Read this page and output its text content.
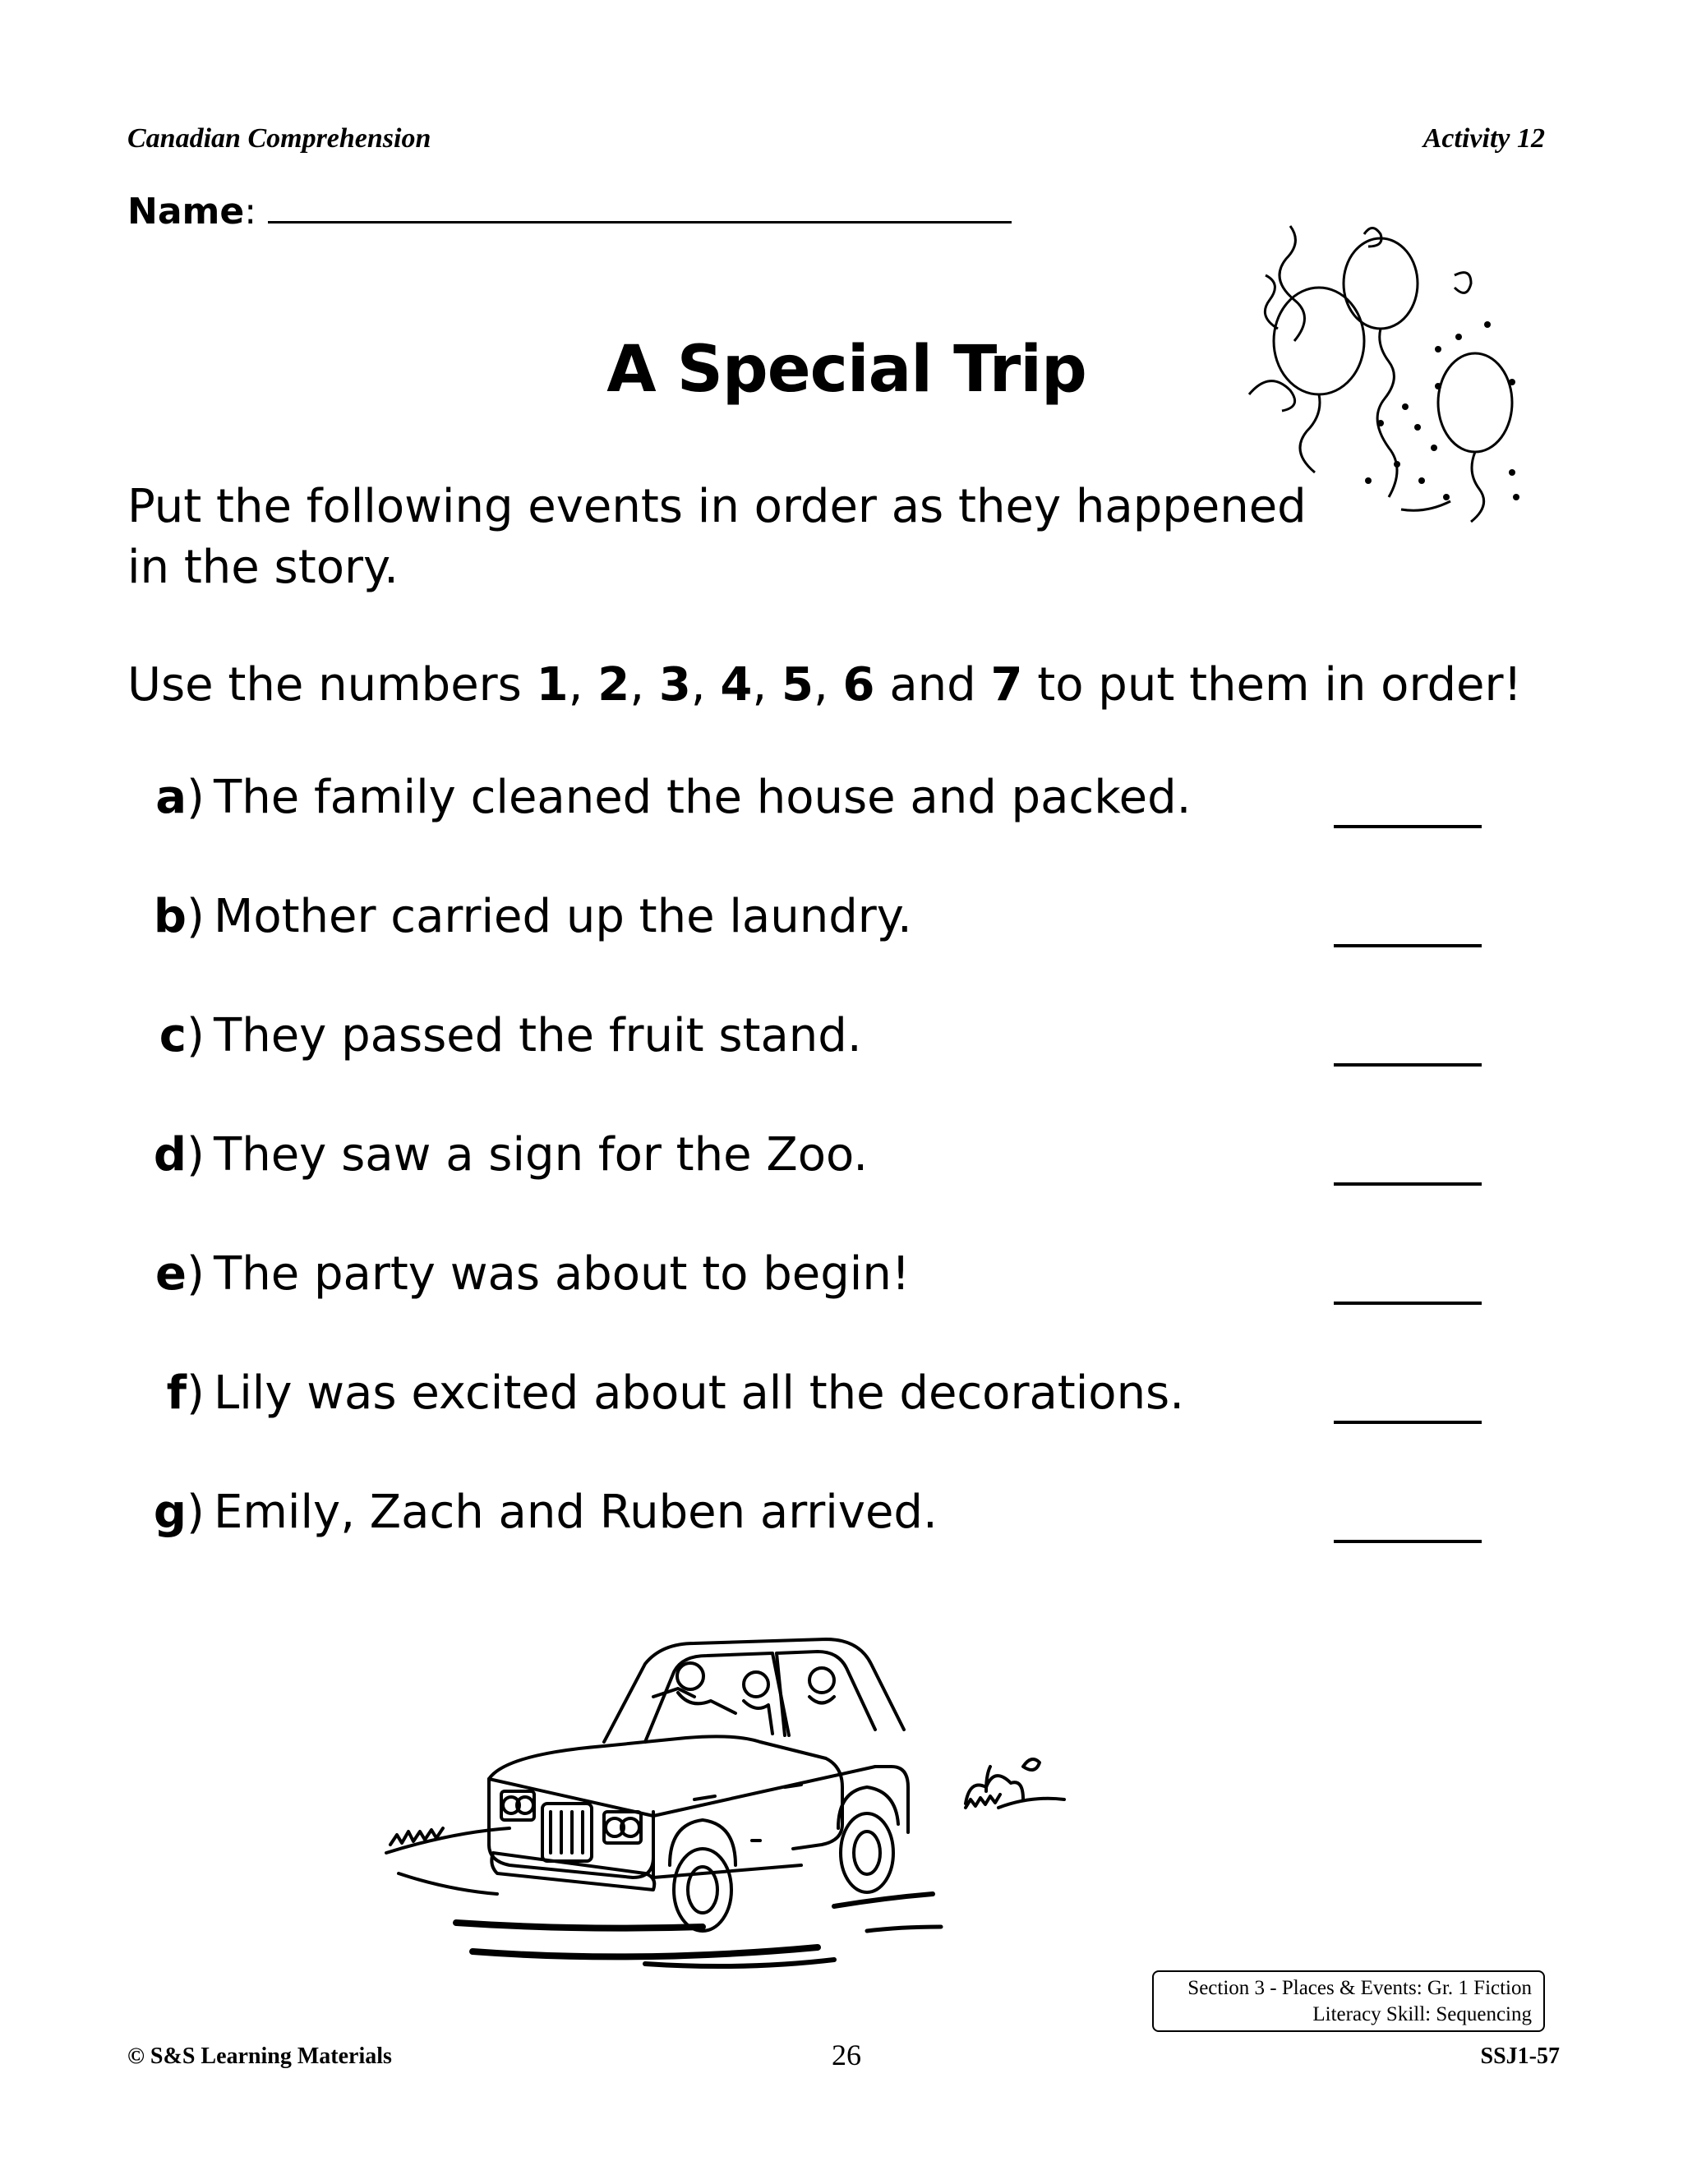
Canadian Comprehension	Activity 12
Name:
A Special Trip
Put the following events in order as they happened in the story.
Use the numbers 1, 2, 3, 4, 5, 6 and 7 to put them in order!
a ) The family cleaned the house and packed.
b ) Mother carried up the laundry.
c ) They passed the fruit stand.
d ) They saw a sign for the Zoo.
e ) The party was about to begin!
f ) Lily was excited about all the decorations.
g ) Emily, Zach and Ruben arrived.
Section 3 - Places & Events: Gr. 1 Fiction
Literacy Skill: Sequencing
© S&S Learning Materials	26	SSJ1-57
